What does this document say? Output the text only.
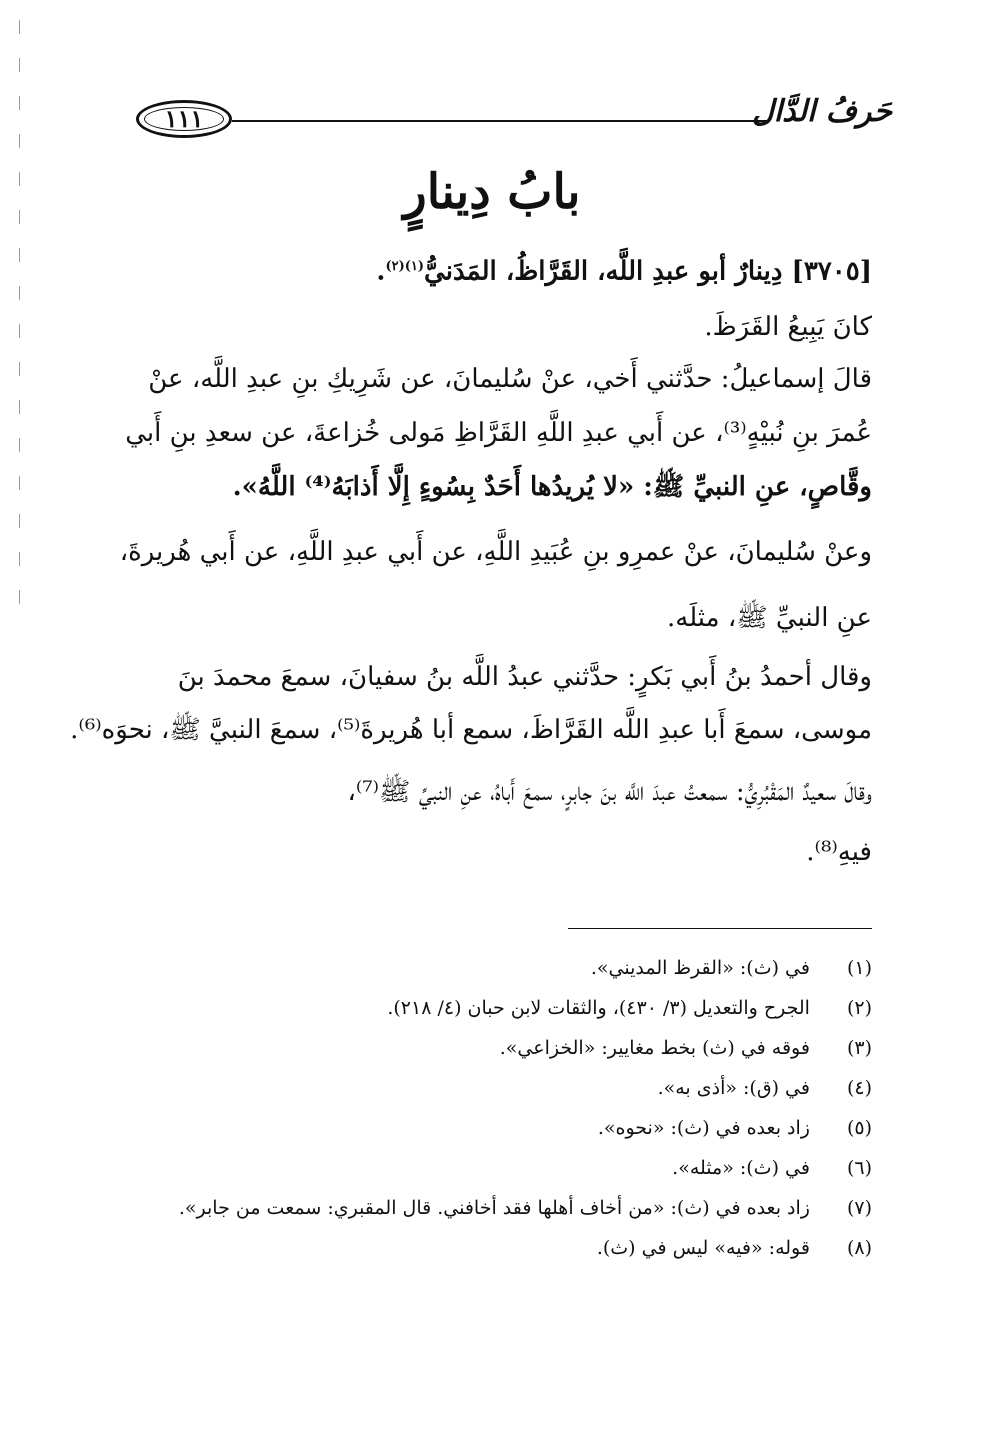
١١١	حَرفُ الدَّال
بابُ دِينارٍ
[٣٧٠٥] دِينارٌ أبو عبدِ اللَّه، القَرَّاظُ، المَدَنيُّ$^{(١)(٢)}$.
كانَ يَبِيعُ القَرَظَ.
قالَ إسماعيلُ: حدَّثني أَخي، عنْ سُليمانَ، عن شَرِيكِ بنِ عبدِ اللَّه، عنْ
عُمرَ بنِ نُبيْهٍ⁽³⁾، عن أَبي عبدِ اللَّهِ القَرَّاظِ مَولى خُزاعةَ، عن سعدِ بنِ أَبي
وقَّاصٍ، عنِ النبيِّ ﷺ: «لا يُريدُها أَحَدٌ بِسُوءٍ إِلَّا أَذابَهُ⁽⁴⁾ اللَّهُ».
وعنْ سُليمانَ، عنْ عمرِو بنِ عُبَيدِ اللَّهِ، عن أَبي عبدِ اللَّهِ، عن أَبي هُريرةَ،
عنِ النبيِّ ﷺ، مثلَه.
وقال أحمدُ بنُ أَبي بَكرٍ: حدَّثني عبدُ اللَّه بنُ سفيانَ، سمعَ محمدَ بنَ
موسى، سمعَ أَبا عبدِ اللَّه القَرَّاظَ، سمع أبا هُريرةَ⁽⁵⁾، سمعَ النبيَّ ﷺ، نحوَه⁽⁶⁾.
وقالَ سعيدٌ المَقْبُرِيُّ: سمعتُ عبدَ اللَّه بنَ جابرٍ، سمعَ أَباهُ، عنِ النبيِّ ﷺ⁽⁷⁾،
فيهِ⁽⁸⁾.
(١) في (ث): «القرظ المديني».
(٢) الجرح والتعديل (٣/ ٤٣٠)، والثقات لابن حبان (٤/ ٢١٨).
(٣) فوقه في (ث) بخط مغايير: «الخزاعي».
(٤) في (ق): «أذى به».
(٥) زاد بعده في (ث): «نحوه».
(٦) في (ث): «مثله».
(٧) زاد بعده في (ث): «من أخاف أهلها فقد أخافني. قال المقبري: سمعت من جابر».
(٨) قوله: «فيه» ليس في (ث).
